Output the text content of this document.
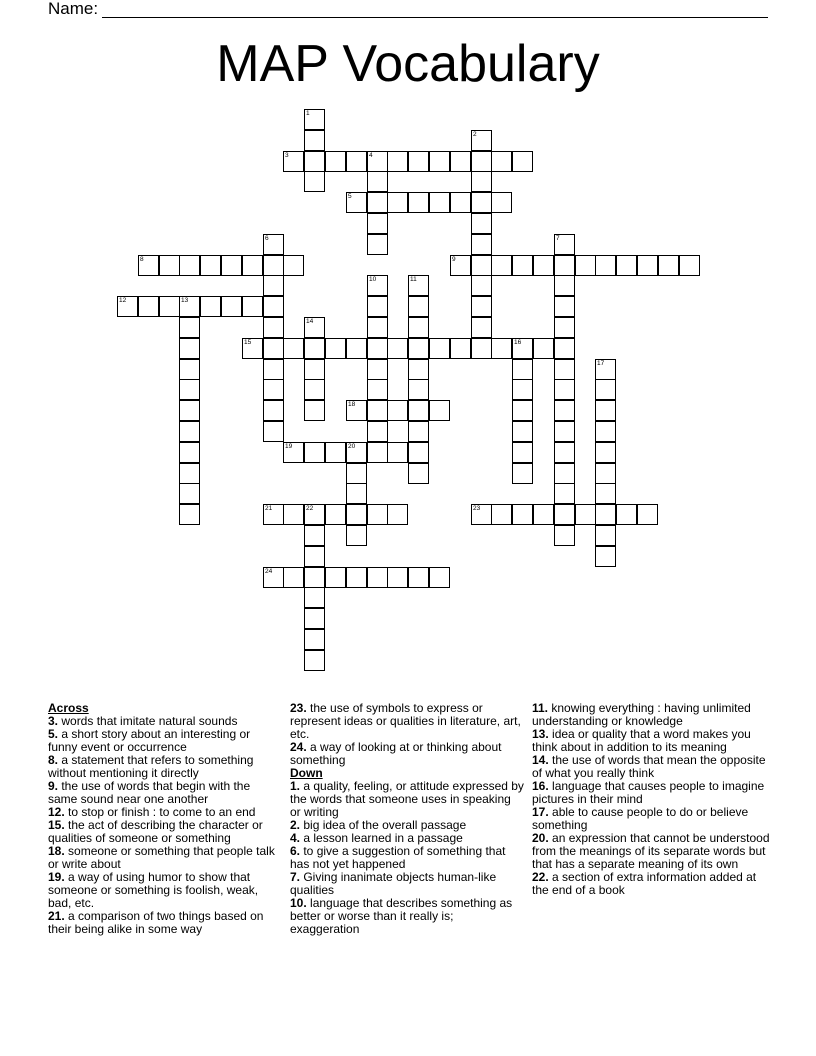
Name:
MAP Vocabulary
1
2
3	4
5
6	7
8	9
10	11
12	13
14
15	16
17
18
19	20
21	22	23
24

Across

3. words that imitate natural sounds

5. a short story about an interesting or funny event or occurrence

8. a statement that refers to something without mentioning it directly

9. the use of words that begin with the same sound near one another

12. to stop or finish : to come to an end

15. the act of describing the character or qualities of someone or something

18. someone or something that people talk or write about

19. a way of using humor to show that someone or something is foolish, weak, bad, etc.

21. a comparison of two things based on their being alike in some way

23. the use of symbols to express or represent ideas or qualities in literature, art, etc.

24. a way of looking at or thinking about something

Down

1. a quality, feeling, or attitude expressed by the words that someone uses in speaking or writing

2. big idea of the overall passage

4. a lesson learned in a passage

6. to give a suggestion of something that has not yet happened

7. Giving inanimate objects human-like qualities

10. language that describes something as better or worse than it really is; exaggeration

11. knowing everything : having unlimited understanding or knowledge

13. idea or quality that a word makes you think about in addition to its meaning

14. the use of words that mean the opposite of what you really think

16. language that causes people to imagine pictures in their mind

17. able to cause people to do or believe something

20. an expression that cannot be understood from the meanings of its separate words but that has a separate meaning of its own

22. a section of extra information added at the end of a book
